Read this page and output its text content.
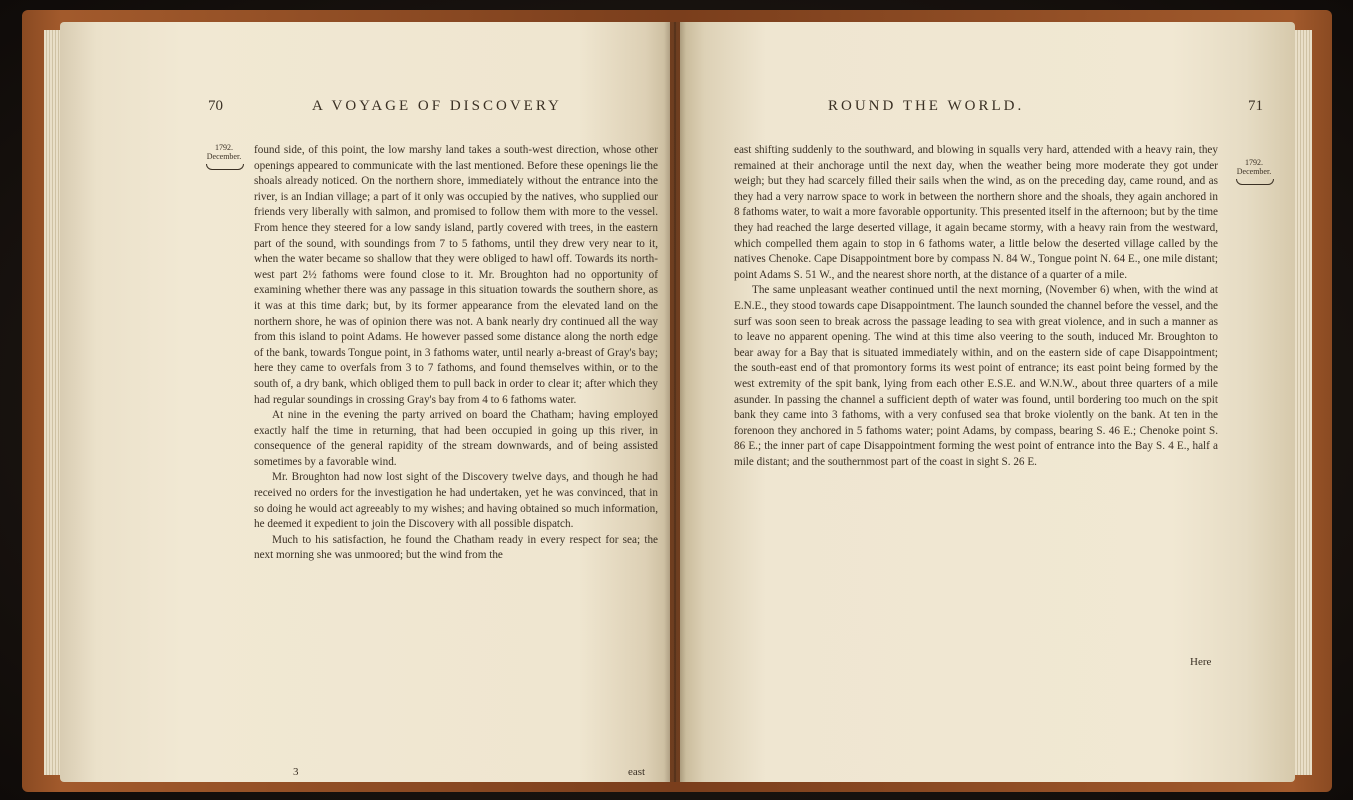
70	A VOYAGE OF DISCOVERY
1792.
December.

found side, of this point, the low marshy land takes a south-west direction, whose other openings appeared to communicate with the last mentioned. Before these openings lie the shoals already noticed. On the northern shore, immediately without the entrance into the river, is an Indian village; a part of it only was occupied by the natives, who supplied our friends very liberally with salmon, and promised to follow them with more to the vessel. From hence they steered for a low sandy island, partly covered with trees, in the eastern part of the sound, with soundings from 7 to 5 fathoms, until they drew very near to it, when the water became so shallow that they were obliged to hawl off. Towards its north-west part 2½ fathoms were found close to it. Mr. Broughton had no opportunity of examining whether there was any passage in this situation towards the southern shore, as it was at this time dark; but, by its former appearance from the elevated land on the northern shore, he was of opinion there was not. A bank nearly dry continued all the way from this island to point Adams. He however passed some distance along the north edge of the bank, towards Tongue point, in 3 fathoms water, until nearly a-breast of Gray's bay; here they came to overfals from 3 to 7 fathoms, and found themselves within, or to the south of, a dry bank, which obliged them to pull back in order to clear it; after which they had regular soundings in crossing Gray's bay from 4 to 6 fathoms water.

At nine in the evening the party arrived on board the Chatham; having employed exactly half the time in returning, that had been occupied in going up this river, in consequence of the general rapidity of the stream downwards, and of being assisted sometimes by a favorable wind.

Mr. Broughton had now lost sight of the Discovery twelve days, and though he had received no orders for the investigation he had undertaken, yet he was convinced, that in so doing he would act agreeably to my wishes; and having obtained so much information, he deemed it expedient to join the Discovery with all possible dispatch.

Much to his satisfaction, he found the Chatham ready in every respect for sea; the next morning she was unmoored; but the wind from the

3	east
ROUND THE WORLD.	71

east shifting suddenly to the southward, and blowing in squalls very hard, attended with a heavy rain, they remained at their anchorage until the next day, when the weather being more moderate they got under weigh; but they had scarcely filled their sails when the wind, as on the preceding day, came round, and as they had a very narrow space to work in between the northern shore and the shoals, they again anchored in 8 fathoms water, to wait a more favorable opportunity. This presented itself in the afternoon; but by the time they had reached the large deserted village, it again became stormy, with a heavy rain from the westward, which compelled them again to stop in 6 fathoms water, a little below the deserted village called by the natives Chenoke. Cape Disappointment bore by compass N. 84 W., Tongue point N. 64 E., one mile distant; point Adams S. 51 W., and the nearest shore north, at the distance of a quarter of a mile.

The same unpleasant weather continued until the next morning, (November 6) when, with the wind at E.N.E., they stood towards cape Disappointment. The launch sounded the channel before the vessel, and the surf was soon seen to break across the passage leading to sea with great violence, and in such a manner as to leave no apparent opening. The wind at this time also veering to the south, induced Mr. Broughton to bear away for a Bay that is situated immediately within, and on the eastern side of cape Disappointment; the south-east end of that promontory forms its west point of entrance; its east point being formed by the west extremity of the spit bank, lying from each other E.S.E. and W.N.W., about three quarters of a mile asunder. In passing the channel a sufficient depth of water was found, until bordering too much on the spit bank they came into 3 fathoms, with a very confused sea that broke violently on the bank. At ten in the forenoon they anchored in 5 fathoms water; point Adams, by compass, bearing S. 46 E.; Chenoke point S. 86 E.; the inner part of cape Disappointment forming the west point of entrance into the Bay S. 4 E., half a mile distant; and the southernmost part of the coast in sight S. 26 E.

1792.
December.
Here
